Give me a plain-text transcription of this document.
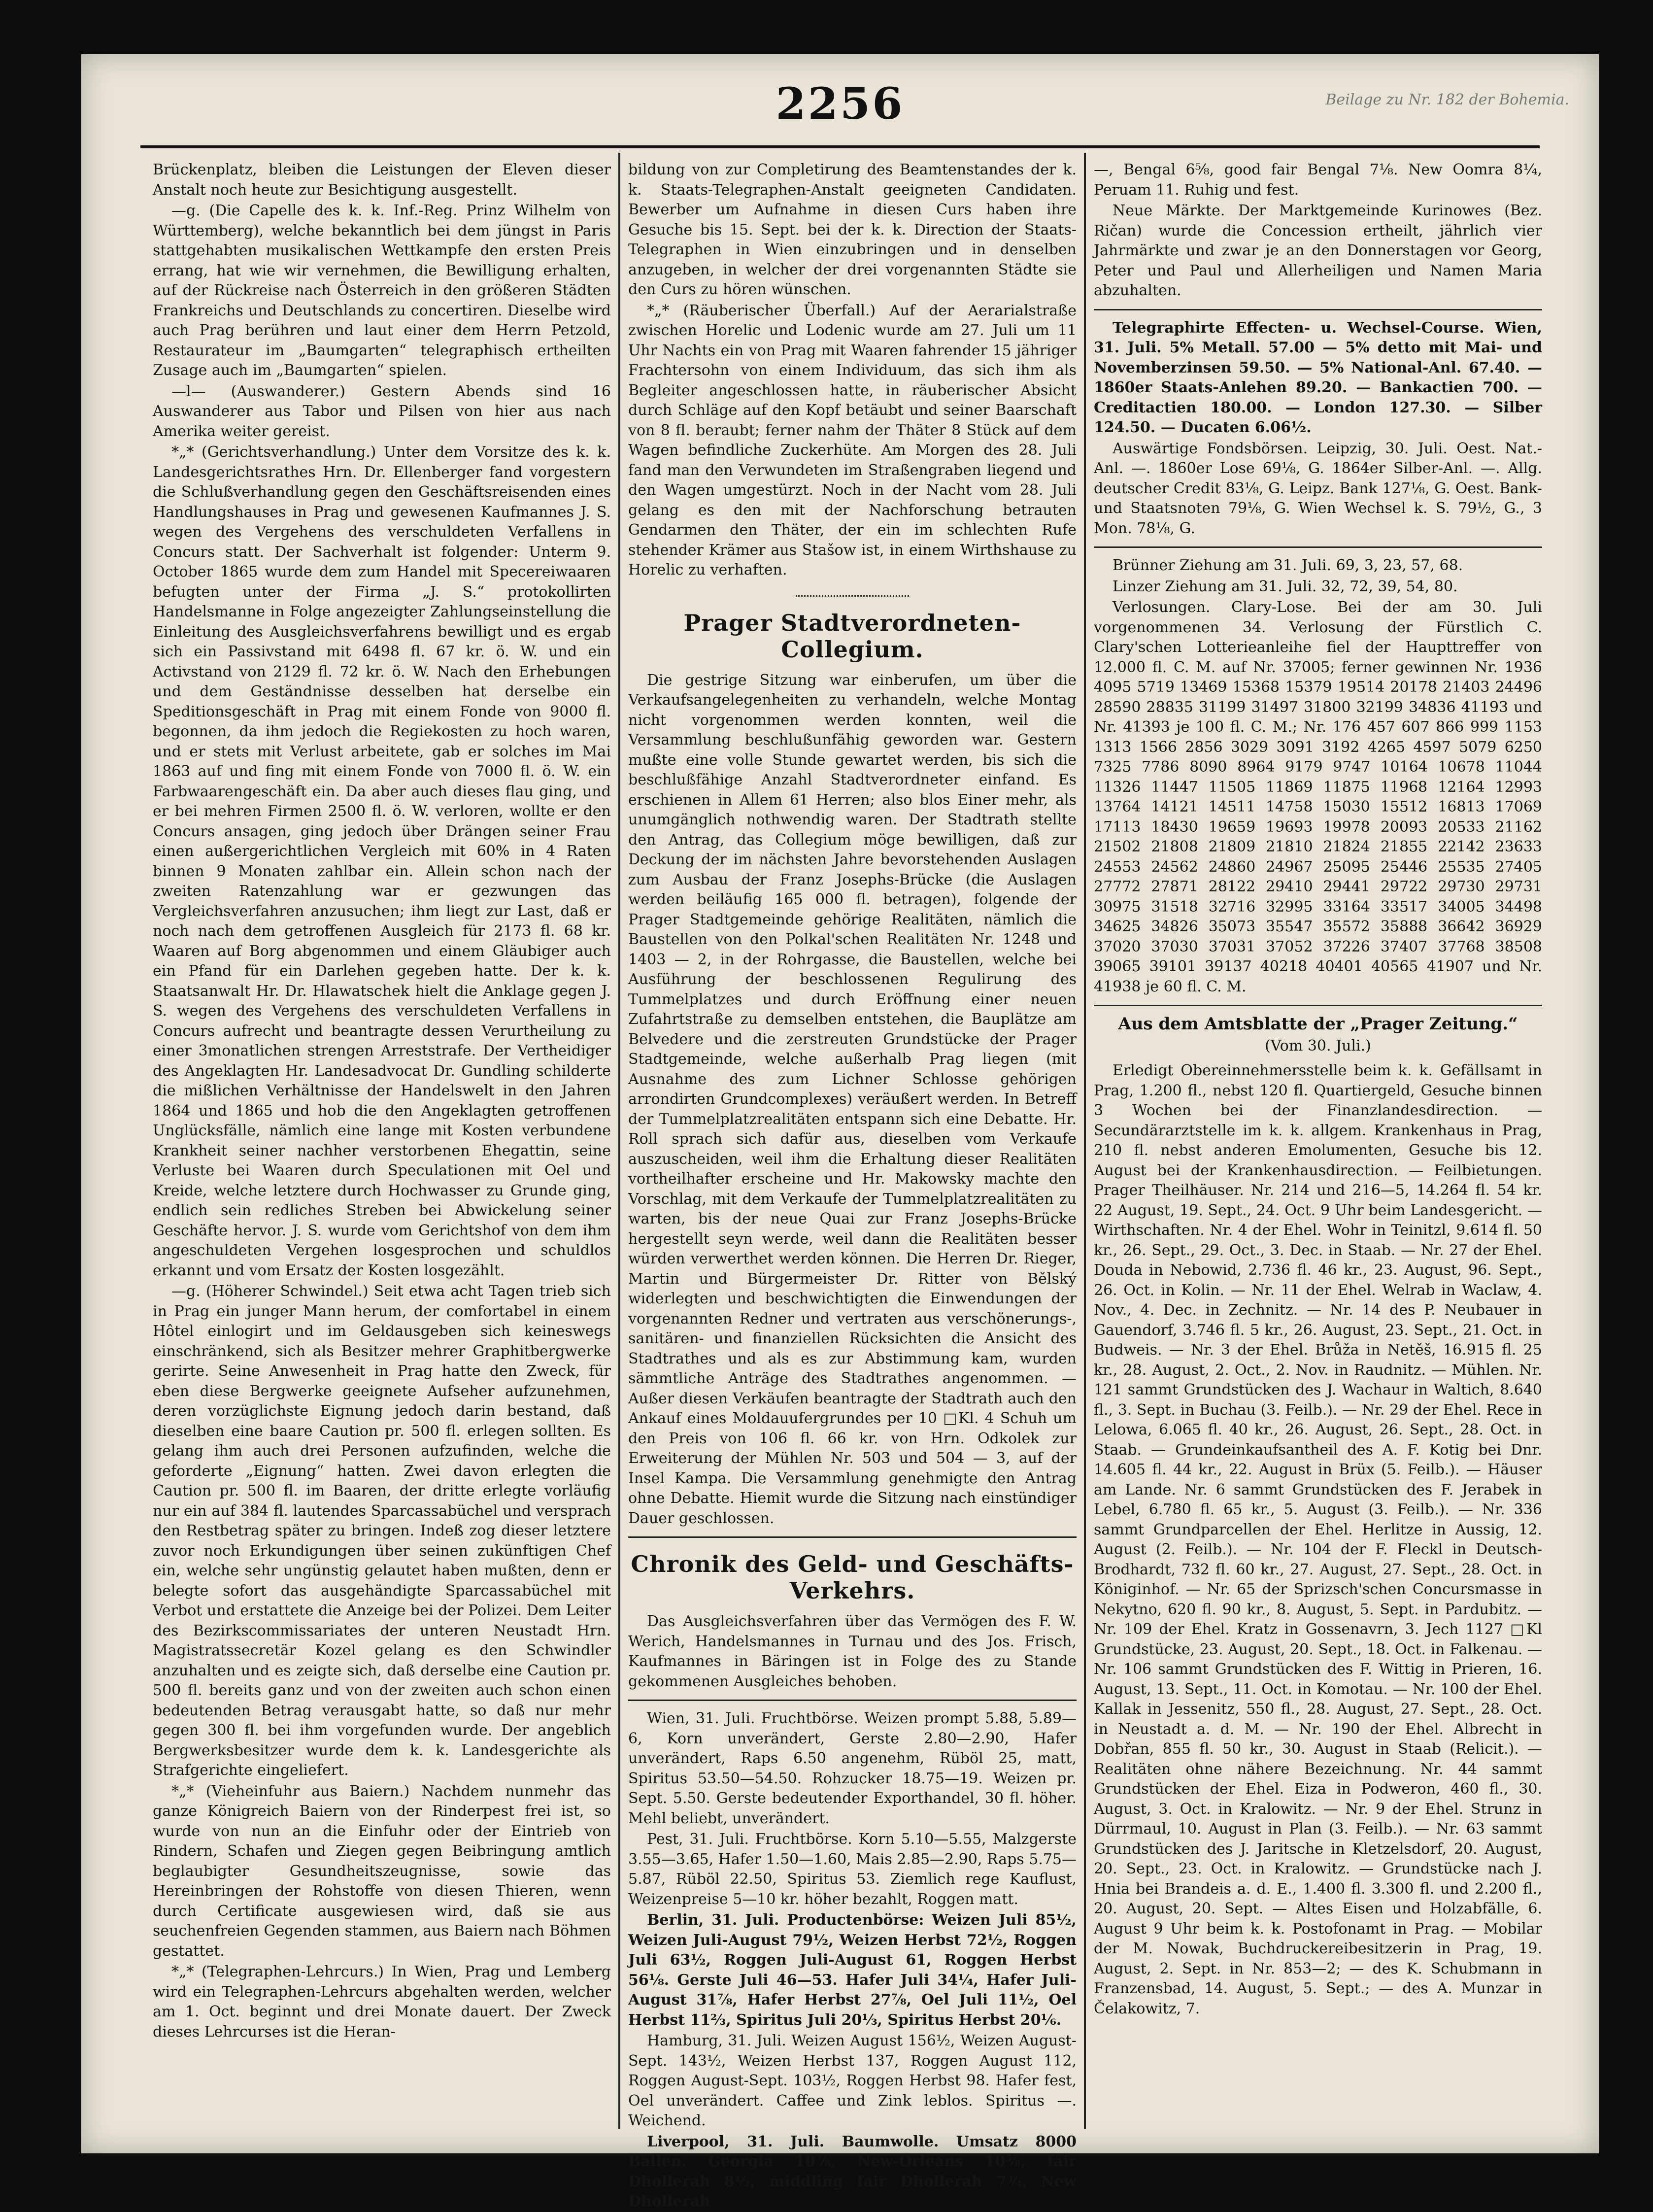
2256	Beilage zu Nr. 182 der Bohemia.

Brückenplatz, bleiben die Leistungen der Eleven dieser Anstalt noch heute zur Besichtigung ausgestellt.

—g. (Die Capelle des k. k. Inf.-Reg. Prinz Wilhelm von Württemberg), welche bekanntlich bei dem jüngst in Paris stattgehabten musikalischen Wettkampfe den ersten Preis errang, hat wie wir vernehmen, die Bewilligung erhalten, auf der Rückreise nach Österreich in den größeren Städten Frankreichs und Deutschlands zu concertiren. Dieselbe wird auch Prag berühren und laut einer dem Herrn Petzold, Restaurateur im „Baumgarten“ telegraphisch ertheilten Zusage auch im „Baumgarten“ spielen.

—l— (Auswanderer.) Gestern Abends sind 16 Auswanderer aus Tabor und Pilsen von hier aus nach Amerika weiter gereist.

*„* (Gerichtsverhandlung.) Unter dem Vorsitze des k. k. Landesgerichtsrathes Hrn. Dr. Ellenberger fand vorgestern die Schlußverhandlung gegen den Geschäftsreisenden eines Handlungshauses in Prag und gewesenen Kaufmannes J. S. wegen des Vergehens des verschuldeten Verfallens in Concurs statt. Der Sachverhalt ist folgender: Unterm 9. October 1865 wurde dem zum Handel mit Specereiwaaren befugten unter der Firma „J. S.“ protokollirten Handelsmanne in Folge angezeigter Zahlungseinstellung die Einleitung des Ausgleichsverfahrens bewilligt und es ergab sich ein Passivstand mit 6498 fl. 67 kr. ö. W. und ein Activstand von 2129 fl. 72 kr. ö. W. Nach den Erhebungen und dem Geständnisse desselben hat derselbe ein Speditionsgeschäft in Prag mit einem Fonde von 9000 fl. begonnen, da ihm jedoch die Regiekosten zu hoch waren, und er stets mit Verlust arbeitete, gab er solches im Mai 1863 auf und fing mit einem Fonde von 7000 fl. ö. W. ein Farbwaarengeschäft ein. Da aber auch dieses flau ging, und er bei mehren Firmen 2500 fl. ö. W. verloren, wollte er den Concurs ansagen, ging jedoch über Drängen seiner Frau einen außergerichtlichen Vergleich mit 60% in 4 Raten binnen 9 Monaten zahlbar ein. Allein schon nach der zweiten Ratenzahlung war er gezwungen das Vergleichsverfahren anzusuchen; ihm liegt zur Last, daß er noch nach dem getroffenen Ausgleich für 2173 fl. 68 kr. Waaren auf Borg abgenommen und einem Gläubiger auch ein Pfand für ein Darlehen gegeben hatte. Der k. k. Staatsanwalt Hr. Dr. Hlawatschek hielt die Anklage gegen J. S. wegen des Vergehens des verschuldeten Verfallens in Concurs aufrecht und beantragte dessen Verurtheilung zu einer 3monatlichen strengen Arreststrafe. Der Vertheidiger des Angeklagten Hr. Landesadvocat Dr. Gundling schilderte die mißlichen Verhältnisse der Handelswelt in den Jahren 1864 und 1865 und hob die den Angeklagten getroffenen Unglücksfälle, nämlich eine lange mit Kosten verbundene Krankheit seiner nachher verstorbenen Ehegattin, seine Verluste bei Waaren durch Speculationen mit Oel und Kreide, welche letztere durch Hochwasser zu Grunde ging, endlich sein redliches Streben bei Abwickelung seiner Geschäfte hervor. J. S. wurde vom Gerichtshof von dem ihm angeschuldeten Vergehen losgesprochen und schuldlos erkannt und vom Ersatz der Kosten losgezählt.

—g. (Höherer Schwindel.) Seit etwa acht Tagen trieb sich in Prag ein junger Mann herum, der comfortabel in einem Hôtel einlogirt und im Geldausgeben sich keineswegs einschränkend, sich als Besitzer mehrer Graphitbergwerke gerirte. Seine Anwesenheit in Prag hatte den Zweck, für eben diese Bergwerke geeignete Aufseher aufzunehmen, deren vorzüglichste Eignung jedoch darin bestand, daß dieselben eine baare Caution pr. 500 fl. erlegen sollten. Es gelang ihm auch drei Personen aufzufinden, welche die geforderte „Eignung“ hatten. Zwei davon erlegten die Caution pr. 500 fl. im Baaren, der dritte erlegte vorläufig nur ein auf 384 fl. lautendes Sparcassabüchel und versprach den Restbetrag später zu bringen. Indeß zog dieser letztere zuvor noch Erkundigungen über seinen zukünftigen Chef ein, welche sehr ungünstig gelautet haben mußten, denn er belegte sofort das ausgehändigte Sparcassabüchel mit Verbot und erstattete die Anzeige bei der Polizei. Dem Leiter des Bezirkscommissariates der unteren Neustadt Hrn. Magistratssecretär Kozel gelang es den Schwindler anzuhalten und es zeigte sich, daß derselbe eine Caution pr. 500 fl. bereits ganz und von der zweiten auch schon einen bedeutenden Betrag verausgabt hatte, so daß nur mehr gegen 300 fl. bei ihm vorgefunden wurde. Der angeblich Bergwerksbesitzer wurde dem k. k. Landesgerichte als Strafgerichte eingeliefert.

*„* (Vieheinfuhr aus Baiern.) Nachdem nunmehr das ganze Königreich Baiern von der Rinderpest frei ist, so wurde von nun an die Einfuhr oder der Eintrieb von Rindern, Schafen und Ziegen gegen Beibringung amtlich beglaubigter Gesundheitszeugnisse, sowie das Hereinbringen der Rohstoffe von diesen Thieren, wenn durch Certificate ausgewiesen wird, daß sie aus seuchenfreien Gegenden stammen, aus Baiern nach Böhmen gestattet.

*„* (Telegraphen-Lehrcurs.) In Wien, Prag und Lemberg wird ein Telegraphen-Lehrcurs abgehalten werden, welcher am 1. Oct. beginnt und drei Monate dauert. Der Zweck dieses Lehrcurses ist die Heran-

bildung von zur Completirung des Beamtenstandes der k. k. Staats-Telegraphen-Anstalt geeigneten Candidaten. Bewerber um Aufnahme in diesen Curs haben ihre Gesuche bis 15. Sept. bei der k. k. Direction der Staats-Telegraphen in Wien einzubringen und in denselben anzugeben, in welcher der drei vorgenannten Städte sie den Curs zu hören wünschen.

*„* (Räuberischer Überfall.) Auf der Aerarialstraße zwischen Horelic und Lodenic wurde am 27. Juli um 11 Uhr Nachts ein von Prag mit Waaren fahrender 15 jähriger Frachtersohn von einem Individuum, das sich ihm als Begleiter angeschlossen hatte, in räuberischer Absicht durch Schläge auf den Kopf betäubt und seiner Baarschaft von 8 fl. beraubt; ferner nahm der Thäter 8 Stück auf dem Wagen befindliche Zuckerhüte. Am Morgen des 28. Juli fand man den Verwundeten im Straßengraben liegend und den Wagen umgestürzt. Noch in der Nacht vom 28. Juli gelang es den mit der Nachforschung betrauten Gendarmen den Thäter, der ein im schlechten Rufe stehender Krämer aus Stašow ist, in einem Wirthshause zu Horelic zu verhaften.

Prager Stadtverordneten-Collegium.

Die gestrige Sitzung war einberufen, um über die Verkaufsangelegenheiten zu verhandeln, welche Montag nicht vorgenommen werden konnten, weil die Versammlung beschlußunfähig geworden war. Gestern mußte eine volle Stunde gewartet werden, bis sich die beschlußfähige Anzahl Stadtverordneter einfand. Es erschienen in Allem 61 Herren; also blos Einer mehr, als unumgänglich nothwendig waren. Der Stadtrath stellte den Antrag, das Collegium möge bewilligen, daß zur Deckung der im nächsten Jahre bevorstehenden Auslagen zum Ausbau der Franz Josephs-Brücke (die Auslagen werden beiläufig 165 000 fl. betragen), folgende der Prager Stadtgemeinde gehörige Realitäten, nämlich die Baustellen von den Polkal'schen Realitäten Nr. 1248 und 1403 — 2, in der Rohrgasse, die Baustellen, welche bei Ausführung der beschlossenen Regulirung des Tummelplatzes und durch Eröffnung einer neuen Zufahrtstraße zu demselben entstehen, die Bauplätze am Belvedere und die zerstreuten Grundstücke der Prager Stadtgemeinde, welche außerhalb Prag liegen (mit Ausnahme des zum Lichner Schlosse gehörigen arrondirten Grundcomplexes) veräußert werden. In Betreff der Tummelplatzrealitäten entspann sich eine Debatte. Hr. Roll sprach sich dafür aus, dieselben vom Verkaufe auszuscheiden, weil ihm die Erhaltung dieser Realitäten vortheilhafter erscheine und Hr. Makowsky machte den Vorschlag, mit dem Verkaufe der Tummelplatzrealitäten zu warten, bis der neue Quai zur Franz Josephs-Brücke hergestellt seyn werde, weil dann die Realitäten besser würden verwerthet werden können. Die Herren Dr. Rieger, Martin und Bürgermeister Dr. Ritter von Bělský widerlegten und beschwichtigten die Einwendungen der vorgenannten Redner und vertraten aus verschönerungs-, sanitären- und finanziellen Rücksichten die Ansicht des Stadtrathes und als es zur Abstimmung kam, wurden sämmtliche Anträge des Stadtrathes angenommen. — Außer diesen Verkäufen beantragte der Stadtrath auch den Ankauf eines Moldauufergrundes per 10 □Kl. 4 Schuh um den Preis von 106 fl. 66 kr. von Hrn. Odkolek zur Erweiterung der Mühlen Nr. 503 und 504 — 3, auf der Insel Kampa. Die Versammlung genehmigte den Antrag ohne Debatte. Hiemit wurde die Sitzung nach einstündiger Dauer geschlossen.

Chronik des Geld- und Geschäfts-Verkehrs.

Das Ausgleichsverfahren über das Vermögen des F. W. Werich, Handelsmannes in Turnau und des Jos. Frisch, Kaufmannes in Bäringen ist in Folge des zu Stande gekommenen Ausgleiches behoben.

Wien, 31. Juli. Fruchtbörse. Weizen prompt 5.88, 5.89—6, Korn unverändert, Gerste 2.80—2.90, Hafer unverändert, Raps 6.50 angenehm, Rüböl 25, matt, Spiritus 53.50—54.50. Rohzucker 18.75—19. Weizen pr. Sept. 5.50. Gerste bedeutender Exporthandel, 30 fl. höher. Mehl beliebt, unverändert.

Pest, 31. Juli. Fruchtbörse. Korn 5.10—5.55, Malzgerste 3.55—3.65, Hafer 1.50—1.60, Mais 2.85—2.90, Raps 5.75—5.87, Rüböl 22.50, Spiritus 53. Ziemlich rege Kauflust, Weizenpreise 5—10 kr. höher bezahlt, Roggen matt.

Berlin, 31. Juli. Productenbörse: Weizen Juli 85½, Weizen Juli-August 79½, Weizen Herbst 72½, Roggen Juli 63½, Roggen Juli-August 61, Roggen Herbst 56⅛. Gerste Juli 46—53. Hafer Juli 34¼, Hafer Juli-August 31⅞, Hafer Herbst 27⅞, Oel Juli 11½, Oel Herbst 11⅔, Spiritus Juli 20⅓, Spiritus Herbst 20⅙.

Hamburg, 31. Juli. Weizen August 156½, Weizen August-Sept. 143½, Weizen Herbst 137, Roggen August 112, Roggen August-Sept. 103½, Roggen Herbst 98. Hafer fest, Oel unverändert. Caffee und Zink leblos. Spiritus —. Weichend.

Liverpool, 31. Juli. Baumwolle. Umsatz 8000 Ballen. Georgia 10⅞, New-Orleans 10⅝, fair Dhollerah 8½, middling fair Dhollerah 7¾, New Dhollerah

—, Bengal 6⅝, good fair Bengal 7⅛. New Oomra 8¼, Peruam 11. Ruhig und fest.

Neue Märkte. Der Marktgemeinde Kurinowes (Bez. Ričan) wurde die Concession ertheilt, jährlich vier Jahrmärkte und zwar je an den Donnerstagen vor Georg, Peter und Paul und Allerheiligen und Namen Maria abzuhalten.

Telegraphirte Effecten- u. Wechsel-Course. Wien, 31. Juli. 5% Metall. 57.00 — 5% detto mit Mai- und Novemberzinsen 59.50. — 5% National-Anl. 67.40. — 1860er Staats-Anlehen 89.20. — Bankactien 700. — Creditactien 180.00. — London 127.30. — Silber 124.50. — Ducaten 6.06½.

Auswärtige Fondsbörsen. Leipzig, 30. Juli. Oest. Nat.-Anl. —. 1860er Lose 69⅛, G. 1864er Silber-Anl. —. Allg. deutscher Credit 83⅛, G. Leipz. Bank 127⅛, G. Oest. Bank- und Staatsnoten 79⅛, G. Wien Wechsel k. S. 79½, G., 3 Mon. 78⅛, G.

Brünner Ziehung am 31. Juli. 69, 3, 23, 57, 68.

Linzer Ziehung am 31. Juli. 32, 72, 39, 54, 80.

Verlosungen. Clary-Lose. Bei der am 30. Juli vorgenommenen 34. Verlosung der Fürstlich C. Clary'schen Lotterieanleihe fiel der Haupttreffer von 12.000 fl. C. M. auf Nr. 37005; ferner gewinnen Nr. 1936 4095 5719 13469 15368 15379 19514 20178 21403 24496 28590 28835 31199 31497 31800 32199 34836 41193 und Nr. 41393 je 100 fl. C. M.; Nr. 176 457 607 866 999 1153 1313 1566 2856 3029 3091 3192 4265 4597 5079 6250 7325 7786 8090 8964 9179 9747 10164 10678 11044 11326 11447 11505 11869 11875 11968 12164 12993 13764 14121 14511 14758 15030 15512 16813 17069 17113 18430 19659 19693 19978 20093 20533 21162 21502 21808 21809 21810 21824 21855 22142 23633 24553 24562 24860 24967 25095 25446 25535 27405 27772 27871 28122 29410 29441 29722 29730 29731 30975 31518 32716 32995 33164 33517 34005 34498 34625 34826 35073 35547 35572 35888 36642 36929 37020 37030 37031 37052 37226 37407 37768 38508 39065 39101 39137 40218 40401 40565 41907 und Nr. 41938 je 60 fl. C. M.

Aus dem Amtsblatte der „Prager Zeitung.“
(Vom 30. Juli.)

Erledigt Obereinnehmersstelle beim k. k. Gefällsamt in Prag, 1.200 fl., nebst 120 fl. Quartiergeld, Gesuche binnen 3 Wochen bei der Finanzlandesdirection. — Secundärarztstelle im k. k. allgem. Krankenhaus in Prag, 210 fl. nebst anderen Emolumenten, Gesuche bis 12. August bei der Krankenhausdirection. — Feilbietungen. Prager Theilhäuser. Nr. 214 und 216—5, 14.264 fl. 54 kr. 22 August, 19. Sept., 24. Oct. 9 Uhr beim Landesgericht. — Wirthschaften. Nr. 4 der Ehel. Wohr in Teinitzl, 9.614 fl. 50 kr., 26. Sept., 29. Oct., 3. Dec. in Staab. — Nr. 27 der Ehel. Douda in Nebowid, 2.736 fl. 46 kr., 23. August, 96. Sept., 26. Oct. in Kolin. — Nr. 11 der Ehel. Welrab in Waclaw, 4. Nov., 4. Dec. in Zechnitz. — Nr. 14 des P. Neubauer in Gauendorf, 3.746 fl. 5 kr., 26. August, 23. Sept., 21. Oct. in Budweis. — Nr. 3 der Ehel. Brůža in Netěš, 16.915 fl. 25 kr., 28. August, 2. Oct., 2. Nov. in Raudnitz. — Mühlen. Nr. 121 sammt Grundstücken des J. Wachaur in Waltich, 8.640 fl., 3. Sept. in Buchau (3. Feilb.). — Nr. 29 der Ehel. Rece in Lelowa, 6.065 fl. 40 kr., 26. August, 26. Sept., 28. Oct. in Staab. — Grundeinkaufsantheil des A. F. Kotig bei Dnr. 14.605 fl. 44 kr., 22. August in Brüx (5. Feilb.). — Häuser am Lande. Nr. 6 sammt Grundstücken des F. Jerabek in Lebel, 6.780 fl. 65 kr., 5. August (3. Feilb.). — Nr. 336 sammt Grundparcellen der Ehel. Herlitze in Aussig, 12. August (2. Feilb.). — Nr. 104 der F. Fleckl in Deutsch-Brodhardt, 732 fl. 60 kr., 27. August, 27. Sept., 28. Oct. in Königinhof. — Nr. 65 der Sprizsch'schen Concursmasse in Nekytno, 620 fl. 90 kr., 8. August, 5. Sept. in Pardubitz. — Nr. 109 der Ehel. Kratz in Gossenavrn, 3. Jech 1127 □Kl Grundstücke, 23. August, 20. Sept., 18. Oct. in Falkenau. — Nr. 106 sammt Grundstücken des F. Wittig in Prieren, 16. August, 13. Sept., 11. Oct. in Komotau. — Nr. 100 der Ehel. Kallak in Jessenitz, 550 fl., 28. August, 27. Sept., 28. Oct. in Neustadt a. d. M. — Nr. 190 der Ehel. Albrecht in Dobřan, 855 fl. 50 kr., 30. August in Staab (Relicit.). — Realitäten ohne nähere Bezeichnung. Nr. 44 sammt Grundstücken der Ehel. Eiza in Podweron, 460 fl., 30. August, 3. Oct. in Kralowitz. — Nr. 9 der Ehel. Strunz in Dürrmaul, 10. August in Plan (3. Feilb.). — Nr. 63 sammt Grundstücken des J. Jaritsche in Kletzelsdorf, 20. August, 20. Sept., 23. Oct. in Kralowitz. — Grundstücke nach J. Hnia bei Brandeis a. d. E., 1.400 fl. 3.300 fl. und 2.200 fl., 20. August, 20. Sept. — Altes Eisen und Holzabfälle, 6. August 9 Uhr beim k. k. Postofonamt in Prag. — Mobilar der M. Nowak, Buchdruckereibesitzerin in Prag, 19. August, 2. Sept. in Nr. 853—2; — des K. Schubmann in Franzensbad, 14. August, 5. Sept.; — des A. Munzar in Čelakowitz, 7.
